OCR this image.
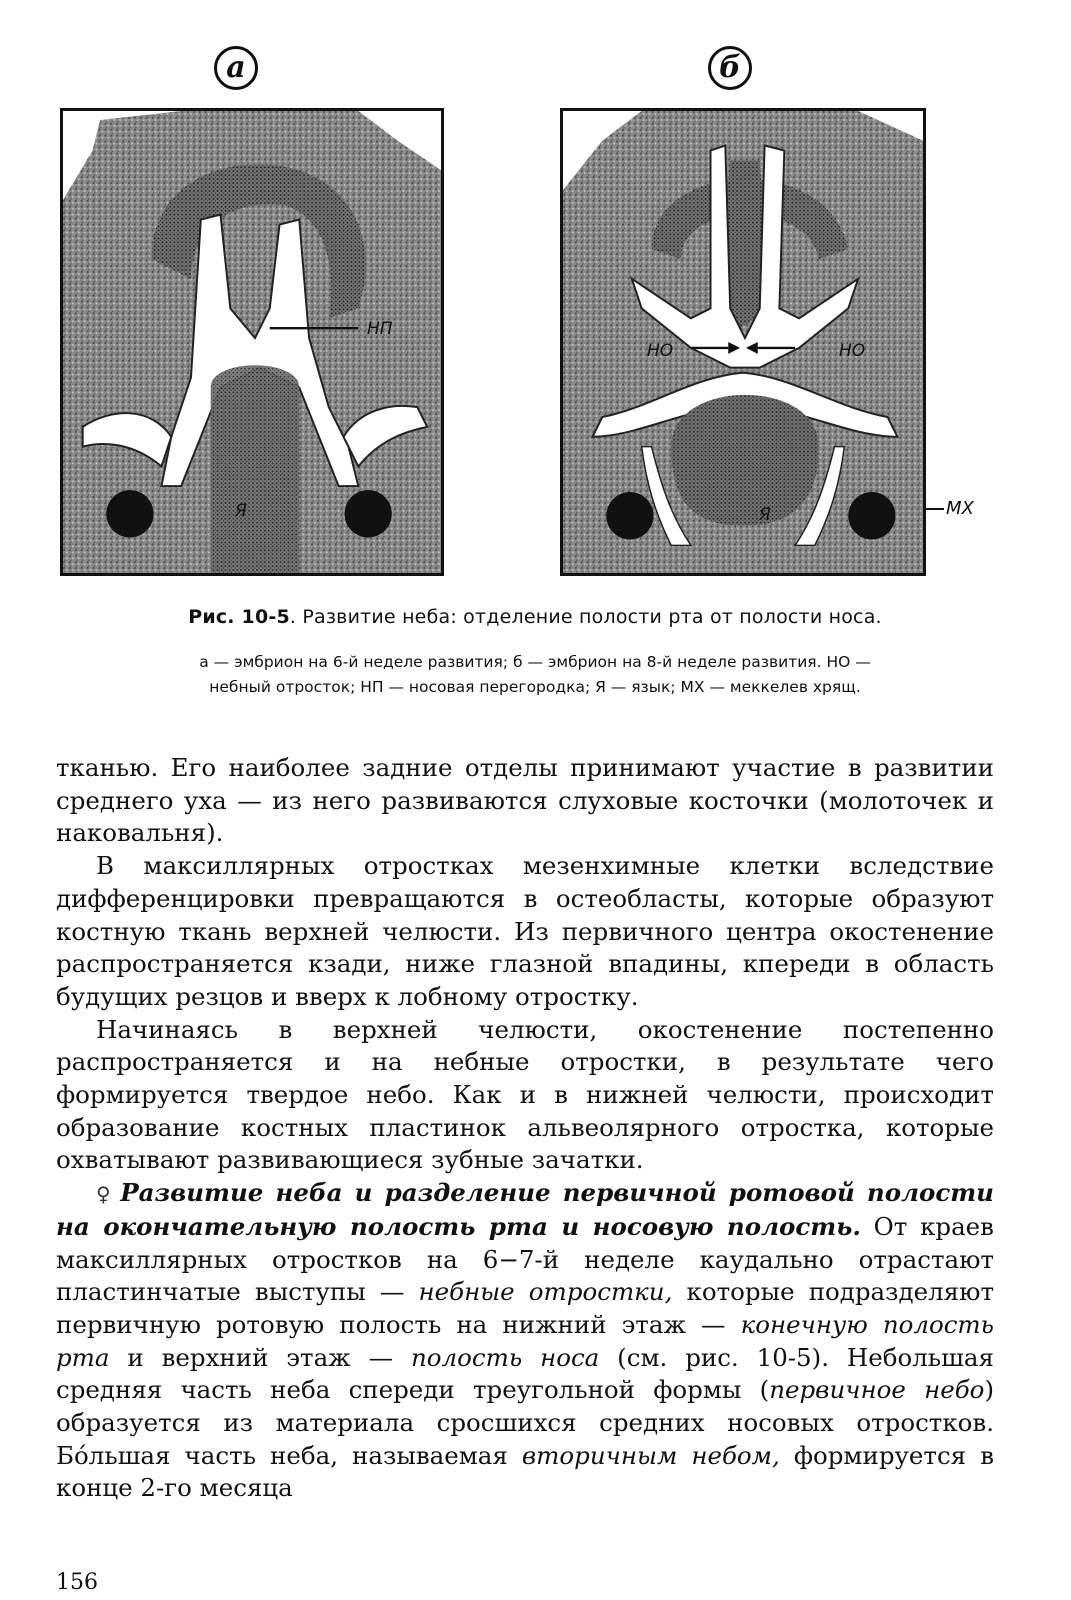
а	б
НП
Я
НО	НО
Я	МХ
Рис. 10-5. Развитие неба: отделение полости рта от полости носа.
а — эмбрион на 6-й неделе развития; б — эмбрион на 8-й неделе развития. НО —
небный отросток; НП — носовая перегородка; Я — язык; МХ — меккелев хрящ.

тканью. Его наиболее задние отделы принимают участие в развитии среднего уха — из него развиваются слуховые косточки (молоточек и наковальня).

В максиллярных отростках мезенхимные клетки вследствие дифференцировки превращаются в остеобласты, которые образуют костную ткань верхней челюсти. Из первичного центра окостенение распространяется кзади, ниже глазной впадины, кпереди в область будущих резцов и вверх к лобному отростку.

Начинаясь в верхней челюсти, окостенение постепенно распространяется и на небные отростки, в результате чего формируется твердое небо. Как и в нижней челюсти, происходит образование костных пластинок альвеолярного отростка, которые охватывают развивающиеся зубные зачатки.

♀ Развитие неба и разделение первичной ротовой полости на окончательную полость рта и носовую полость. От краев максиллярных отростков на 6−7-й неделе каудально отрастают пластинчатые выступы — небные отростки, которые подразделяют первичную ротовую полость на нижний этаж — конечную полость рта и верхний этаж — полость носа (см. рис. 10-5). Небольшая средняя часть неба спереди треугольной формы (первичное небо) образуется из материала сросшихся средних носовых отростков. Бóльшая часть неба, называемая вторичным небом, формируется в конце 2-го месяца

156
